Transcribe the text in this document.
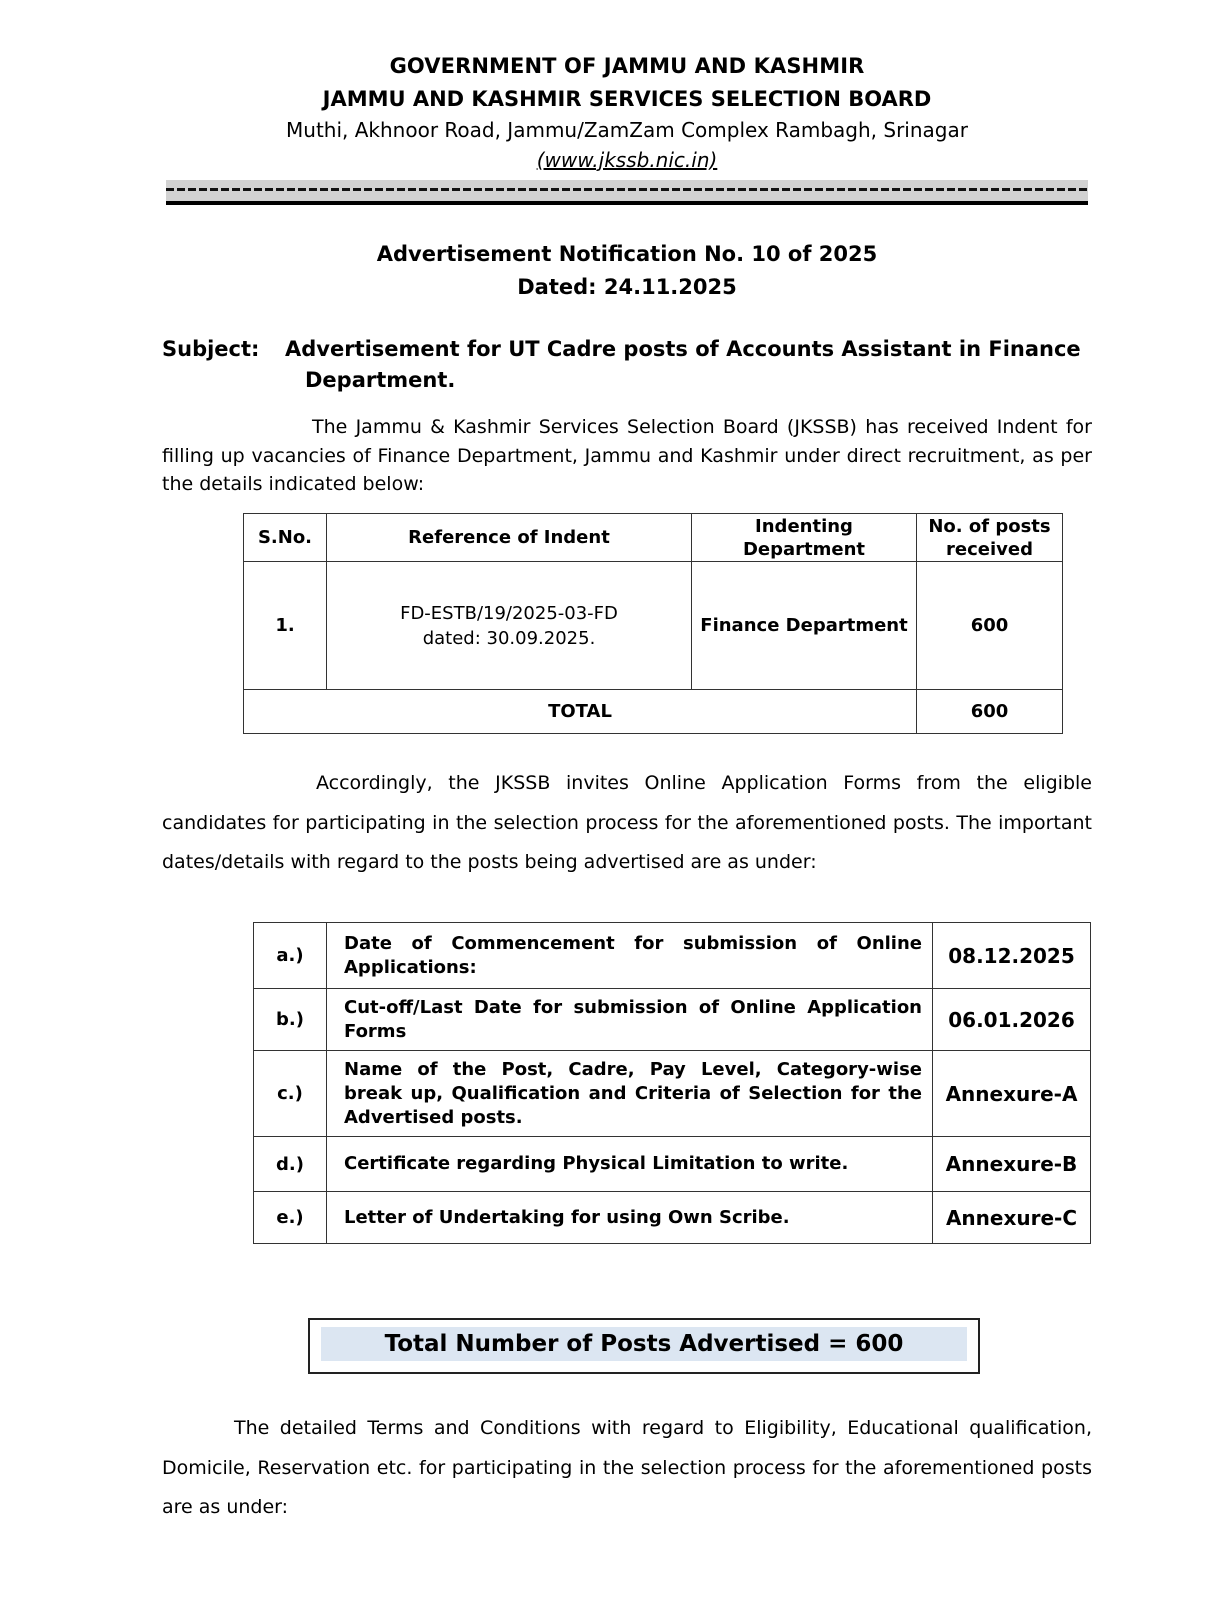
GOVERNMENT OF JAMMU AND KASHMIR
JAMMU AND KASHMIR SERVICES SELECTION BOARD
Muthi, Akhnoor Road, Jammu/ZamZam Complex Rambagh, Srinagar
(www.jkssb.nic.in)
Advertisement Notification No. 10 of 2025
Dated: 24.11.2025
Subject: Advertisement for UT Cadre posts of Accounts Assistant in Finance
Department.
The Jammu & Kashmir Services Selection Board (JKSSB) has received Indent for filling up vacancies of Finance Department, Jammu and Kashmir under direct recruitment, as per the details indicated below:
S.No.	Reference of Indent	Indenting Department	No. of posts received
1.	FD-ESTB/19/2025-03-FD dated: 30.09.2025.	Finance Department	600
TOTAL			600
Accordingly, the JKSSB invites Online Application Forms from the eligible candidates for participating in the selection process for the aforementioned posts. The important dates/details with regard to the posts being advertised are as under:
a.)	Date of Commencement for submission of Online Applications:	08.12.2025
b.)	Cut-off/Last Date for submission of Online Application Forms	06.01.2026
c.)	Name of the Post, Cadre, Pay Level, Category-wise break up, Qualification and Criteria of Selection for the Advertised posts.	Annexure-A
d.)	Certificate regarding Physical Limitation to write.	Annexure-B
e.)	Letter of Undertaking for using Own Scribe.	Annexure-C
Total Number of Posts Advertised = 600
The detailed Terms and Conditions with regard to Eligibility, Educational qualification, Domicile, Reservation etc. for participating in the selection process for the aforementioned posts are as under:
